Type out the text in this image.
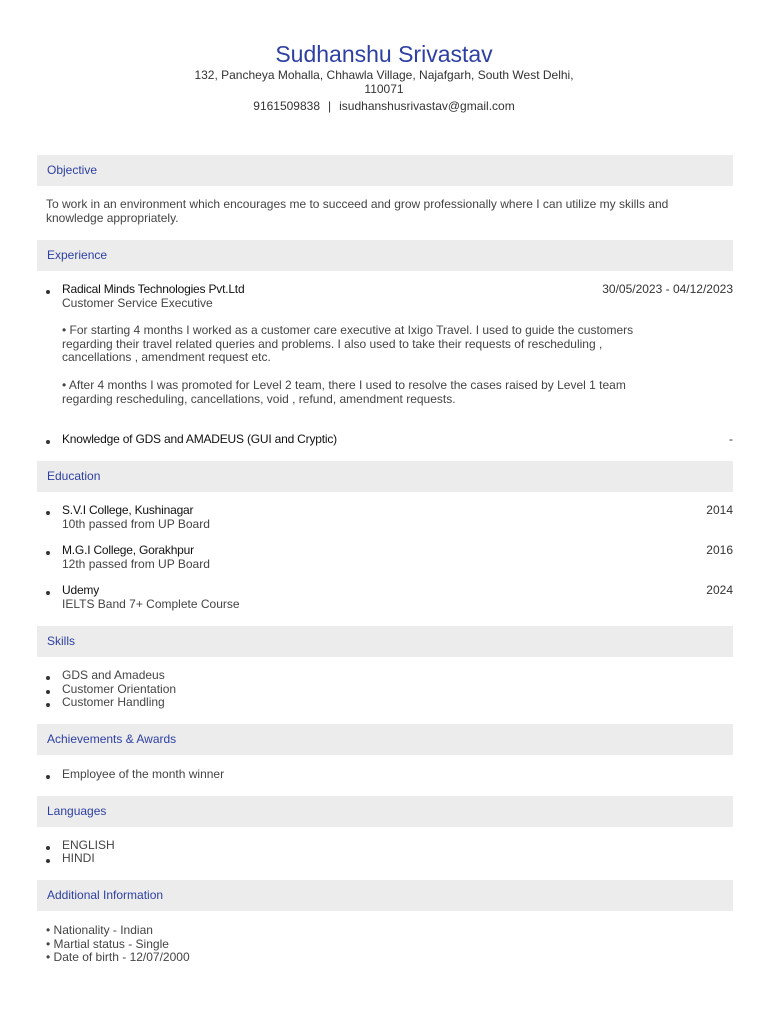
Sudhanshu Srivastav
132, Pancheya Mohalla, Chhawla Village, Najafgarh, South West Delhi, 110071
9161509838 | isudhanshusrivastav@gmail.com
Objective
To work in an environment which encourages me to succeed and grow professionally where I can utilize my skills and knowledge appropriately.
Experience
Radical Minds Technologies Pvt.Ltd	30/05/2023 - 04/12/2023
Customer Service Executive
• For starting 4 months I worked as a customer care executive at Ixigo Travel. I used to guide the customers regarding their travel related queries and problems. I also used to take their requests of rescheduling , cancellations , amendment request etc.
• After 4 months I was promoted for Level 2 team, there I used to resolve the cases raised by Level 1 team regarding rescheduling, cancellations, void , refund, amendment requests.
Knowledge of GDS and AMADEUS (GUI and Cryptic)	-
Education
S.V.I College, Kushinagar	2014
10th passed from UP Board
M.G.I College, Gorakhpur	2016
12th passed from UP Board
Udemy	2024
IELTS Band 7+ Complete Course
Skills
GDS and Amadeus
Customer Orientation
Customer Handling
Achievements & Awards
Employee of the month winner
Languages
ENGLISH
HINDI
Additional Information
• Nationality - Indian
• Martial status - Single
• Date of birth - 12/07/2000
